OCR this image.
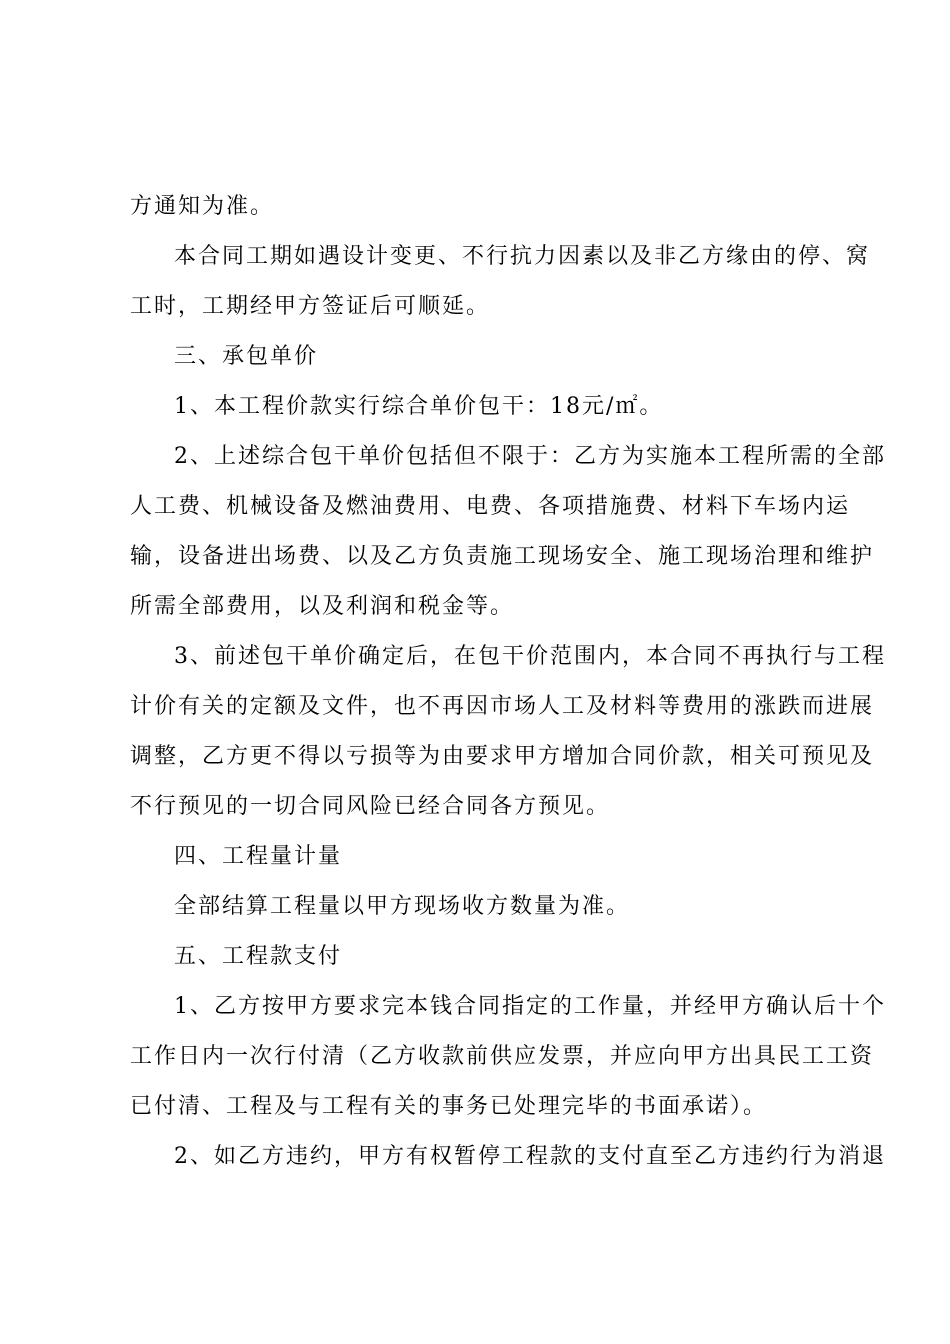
方通知为准。
本合同工期如遇设计变更、不行抗力因素以及非乙方缘由的停、窝
工时，工期经甲方签证后可顺延。
三、承包单价
1、本工程价款实行综合单价包干：18元/㎡。
2、上述综合包干单价包括但不限于：乙方为实施本工程所需的全部
人工费、机械设备及燃油费用、电费、各项措施费、材料下车场内运
输，设备进出场费、以及乙方负责施工现场安全、施工现场治理和维护
所需全部费用，以及利润和税金等。
3、前述包干单价确定后，在包干价范围内，本合同不再执行与工程
计价有关的定额及文件，也不再因市场人工及材料等费用的涨跌而进展
调整，乙方更不得以亏损等为由要求甲方增加合同价款，相关可预见及
不行预见的一切合同风险已经合同各方预见。
四、工程量计量
全部结算工程量以甲方现场收方数量为准。
五、工程款支付
1、乙方按甲方要求完本钱合同指定的工作量，并经甲方确认后十个
工作日内一次行付清（乙方收款前供应发票，并应向甲方出具民工工资
已付清、工程及与工程有关的事务已处理完毕的书面承诺）。
2、如乙方违约，甲方有权暂停工程款的支付直至乙方违约行为消退
